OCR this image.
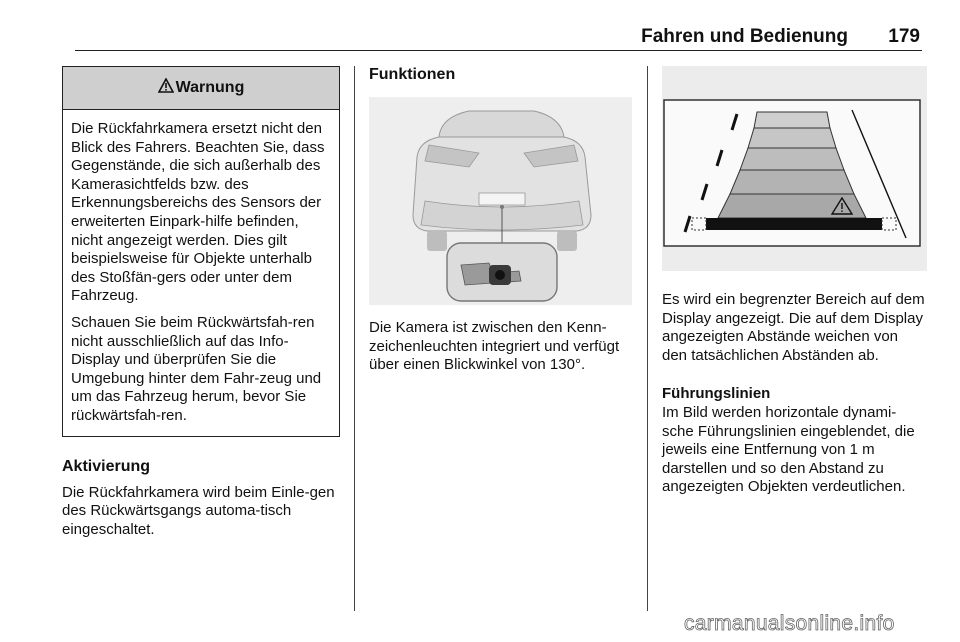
Fahren und Bedienung 179
Warnung

Die Rückfahrkamera ersetzt nicht den Blick des Fahrers. Beachten Sie, dass Gegenstände, die sich außerhalb des Kamerasichtfelds bzw. des Erkennungsbereichs des Sensors der erweiterten Einpark-hilfe befinden, nicht angezeigt werden. Dies gilt beispielsweise für Objekte unterhalb des Stoßfän-gers oder unter dem Fahrzeug.

Schauen Sie beim Rückwärtsfah-ren nicht ausschließlich auf das Info-Display und überprüfen Sie die Umgebung hinter dem Fahr-zeug und um das Fahrzeug herum, bevor Sie rückwärtsfah-ren.

Aktivierung

Die Rückfahrkamera wird beim Einle-gen des Rückwärtsgangs automa-tisch eingeschaltet.

Funktionen

Die Kamera ist zwischen den Kenn-zeichenleuchten integriert und verfügt über einen Blickwinkel von 130°.

Es wird ein begrenzter Bereich auf dem Display angezeigt. Die auf dem Display angezeigten Abstände weichen von den tatsächlichen Abständen ab.

Führungslinien

Im Bild werden horizontale dynami-sche Führungslinien eingeblendet, die jeweils eine Entfernung von 1 m darstellen und so den Abstand zu angezeigten Objekten verdeutlichen.

carmanualsonline.info
